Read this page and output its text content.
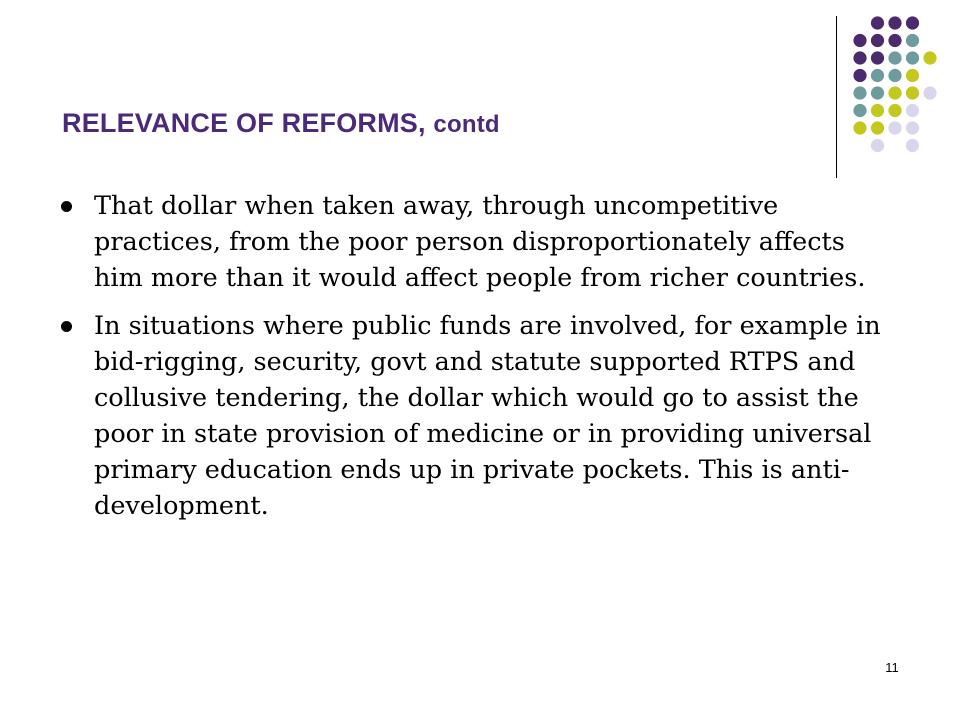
RELEVANCE OF REFORMS, contd
That dollar when taken away, through uncompetitive practices, from the poor person disproportionately affects him more than it would affect people from richer countries.
In situations where public funds are involved, for example in bid-rigging, security, govt and statute supported RTPS and collusive tendering, the dollar which would go to assist the poor in state provision of medicine or in providing universal primary education ends up in private pockets. This is anti-development.
11
